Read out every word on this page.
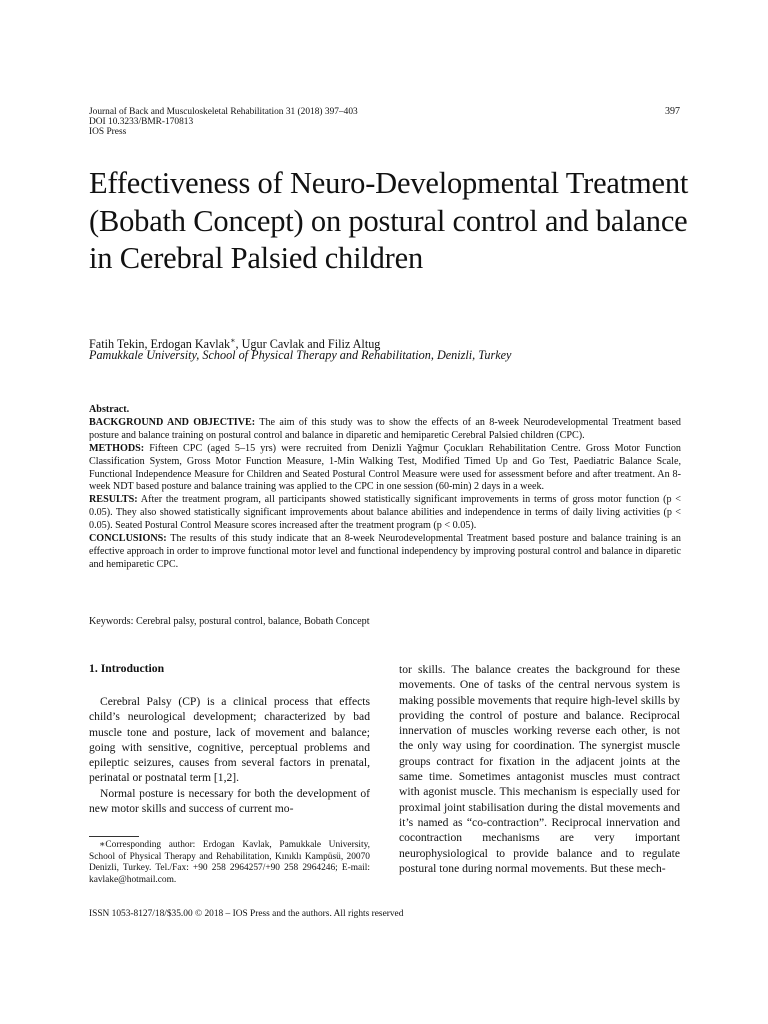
Journal of Back and Musculoskeletal Rehabilitation 31 (2018) 397–403
DOI 10.3233/BMR-170813
IOS Press
397
Effectiveness of Neuro-Developmental Treatment (Bobath Concept) on postural control and balance in Cerebral Palsied children
Fatih Tekin, Erdogan Kavlak∗, Ugur Cavlak and Filiz Altug
Pamukkale University, School of Physical Therapy and Rehabilitation, Denizli, Turkey

Abstract.

BACKGROUND AND OBJECTIVE: The aim of this study was to show the effects of an 8-week Neurodevelopmental Treatment based posture and balance training on postural control and balance in diparetic and hemiparetic Cerebral Palsied children (CPC).

METHODS: Fifteen CPC (aged 5–15 yrs) were recruited from Denizli Yağmur Çocukları Rehabilitation Centre. Gross Motor Function Classification System, Gross Motor Function Measure, 1-Min Walking Test, Modified Timed Up and Go Test, Paediatric Balance Scale, Functional Independence Measure for Children and Seated Postural Control Measure were used for assessment before and after treatment. An 8-week NDT based posture and balance training was applied to the CPC in one session (60-min) 2 days in a week.

RESULTS: After the treatment program, all participants showed statistically significant improvements in terms of gross motor function (p < 0.05). They also showed statistically significant improvements about balance abilities and independence in terms of daily living activities (p < 0.05). Seated Postural Control Measure scores increased after the treatment program (p < 0.05).

CONCLUSIONS: The results of this study indicate that an 8-week Neurodevelopmental Treatment based posture and balance training is an effective approach in order to improve functional motor level and functional independency by improving postural control and balance in diparetic and hemiparetic CPC.

Keywords: Cerebral palsy, postural control, balance, Bobath Concept
1. Introduction

Cerebral Palsy (CP) is a clinical process that effects child’s neurological development; characterized by bad muscle tone and posture, lack of movement and balance; going with sensitive, cognitive, perceptual problems and epileptic seizures, causes from several factors in prenatal, perinatal or postnatal term [1,2].

Normal posture is necessary for both the development of new motor skills and success of current mo-

∗Corresponding author: Erdogan Kavlak, Pamukkale University, School of Physical Therapy and Rehabilitation, Kınıklı Kampüsü, 20070 Denizli, Turkey. Tel./Fax: +90 258 2964257/+90 258 2964246; E-mail: kavlake@hotmail.com.

tor skills. The balance creates the background for these movements. One of tasks of the central nervous system is making possible movements that require high-level skills by providing the control of posture and balance. Reciprocal innervation of muscles working reverse each other, is not the only way using for coordination. The synergist muscle groups contract for fixation in the adjacent joints at the same time. Sometimes antagonist muscles must contract with agonist muscle. This mechanism is especially used for proximal joint stabilisation during the distal movements and it’s named as “co-contraction”. Reciprocal innervation and cocontraction mechanisms are very important neurophysiological to provide balance and to regulate postural tone during normal movements. But these mech-

ISSN 1053-8127/18/$35.00 © 2018 – IOS Press and the authors. All rights reserved
